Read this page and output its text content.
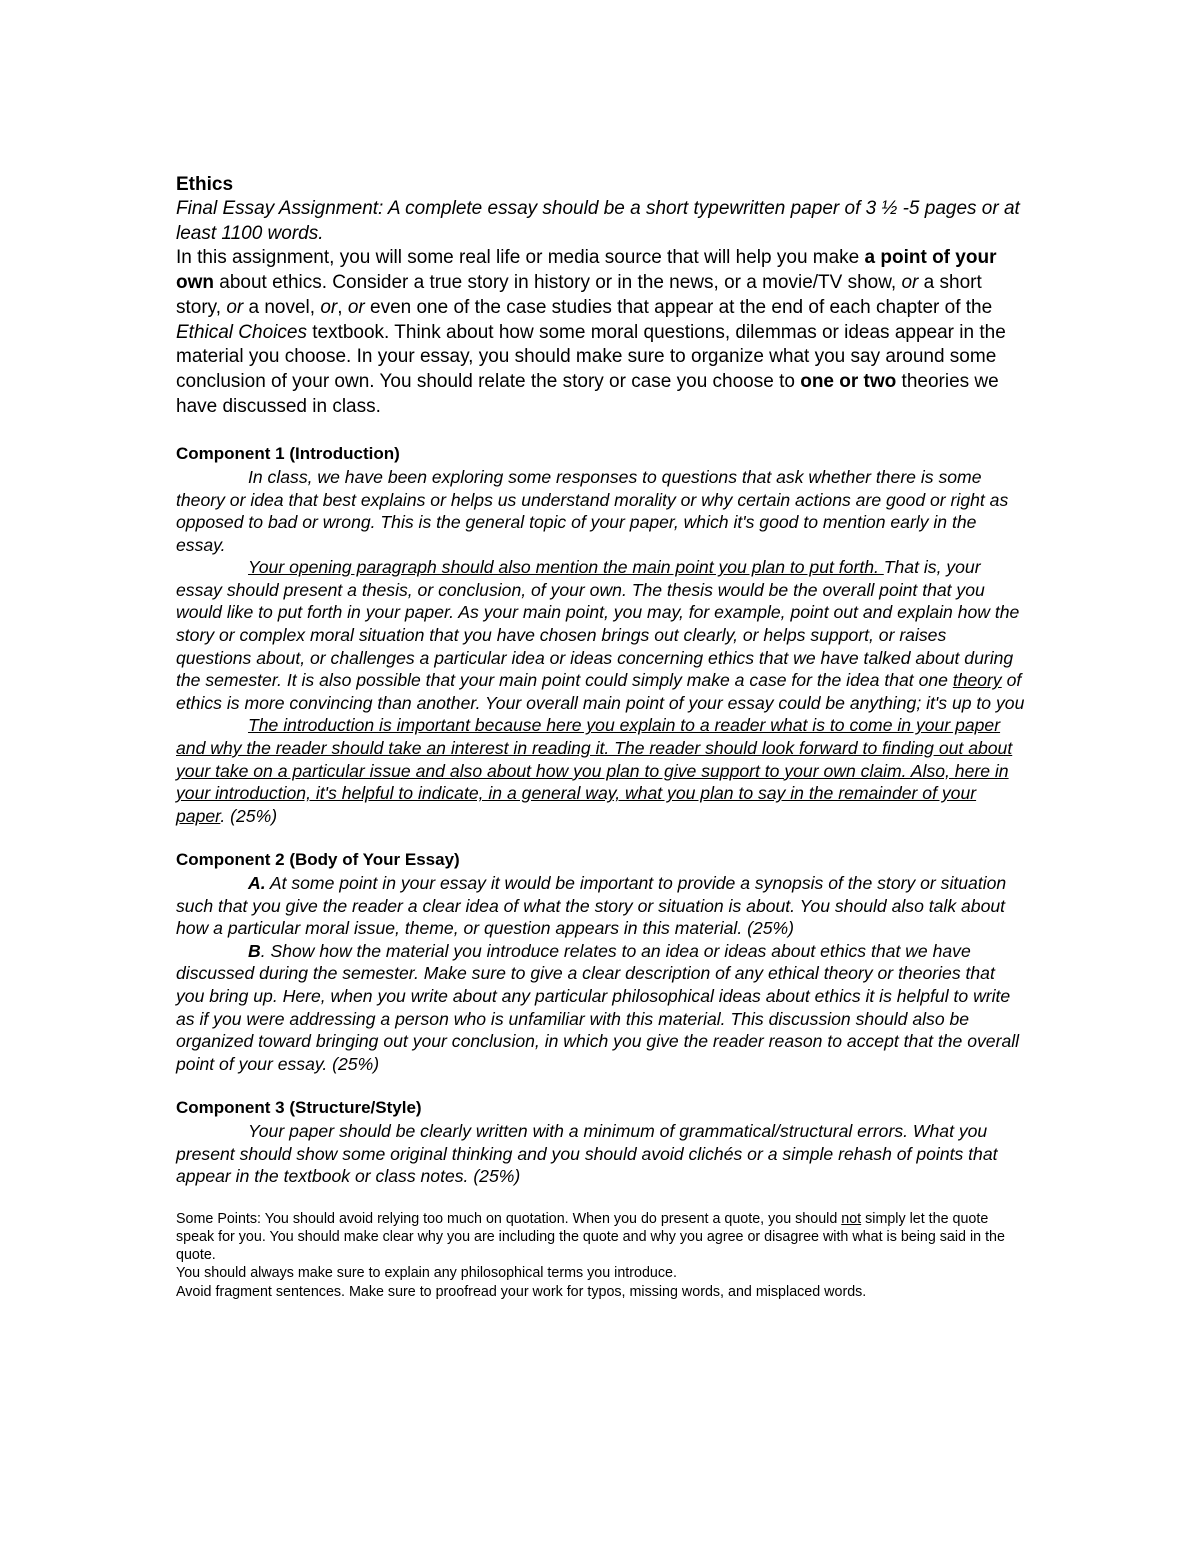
Ethics

Final Essay Assignment: A complete essay should be a short typewritten paper of 3 ½ -5 pages or at least 1100 words.

In this assignment, you will some real life or media source that will help you make a point of your own about ethics. Consider a true story in history or in the news, or a movie/TV show, or a short story, or a novel, or, or even one of the case studies that appear at the end of each chapter of the Ethical Choices textbook. Think about how some moral questions, dilemmas or ideas appear in the material you choose. In your essay, you should make sure to organize what you say around some conclusion of your own. You should relate the story or case you choose to one or two theories we have discussed in class.

Component 1 (Introduction)

In class, we have been exploring some responses to questions that ask whether there is some theory or idea that best explains or helps us understand morality or why certain actions are good or right as opposed to bad or wrong. This is the general topic of your paper, which it's good to mention early in the essay.

Your opening paragraph should also mention the main point you plan to put forth. That is, your essay should present a thesis, or conclusion, of your own. The thesis would be the overall point that you would like to put forth in your paper. As your main point, you may, for example, point out and explain how the story or complex moral situation that you have chosen brings out clearly, or helps support, or raises questions about, or challenges a particular idea or ideas concerning ethics that we have talked about during the semester. It is also possible that your main point could simply make a case for the idea that one theory of ethics is more convincing than another. Your overall main point of your essay could be anything; it's up to you

The introduction is important because here you explain to a reader what is to come in your paper and why the reader should take an interest in reading it. The reader should look forward to finding out about your take on a particular issue and also about how you plan to give support to your own claim. Also, here in your introduction, it's helpful to indicate, in a general way, what you plan to say in the remainder of your paper. (25%)

Component 2 (Body of Your Essay)

A. At some point in your essay it would be important to provide a synopsis of the story or situation such that you give the reader a clear idea of what the story or situation is about. You should also talk about how a particular moral issue, theme, or question appears in this material. (25%)

B. Show how the material you introduce relates to an idea or ideas about ethics that we have discussed during the semester. Make sure to give a clear description of any ethical theory or theories that you bring up. Here, when you write about any particular philosophical ideas about ethics it is helpful to write as if you were addressing a person who is unfamiliar with this material. This discussion should also be organized toward bringing out your conclusion, in which you give the reader reason to accept that the overall point of your essay. (25%)

Component 3 (Structure/Style)

Your paper should be clearly written with a minimum of grammatical/structural errors. What you present should show some original thinking and you should avoid clichés or a simple rehash of points that appear in the textbook or class notes. (25%)

Some Points: You should avoid relying too much on quotation. When you do present a quote, you should not simply let the quote speak for you. You should make clear why you are including the quote and why you agree or disagree with what is being said in the quote.

You should always make sure to explain any philosophical terms you introduce.

Avoid fragment sentences. Make sure to proofread your work for typos, missing words, and misplaced words.
